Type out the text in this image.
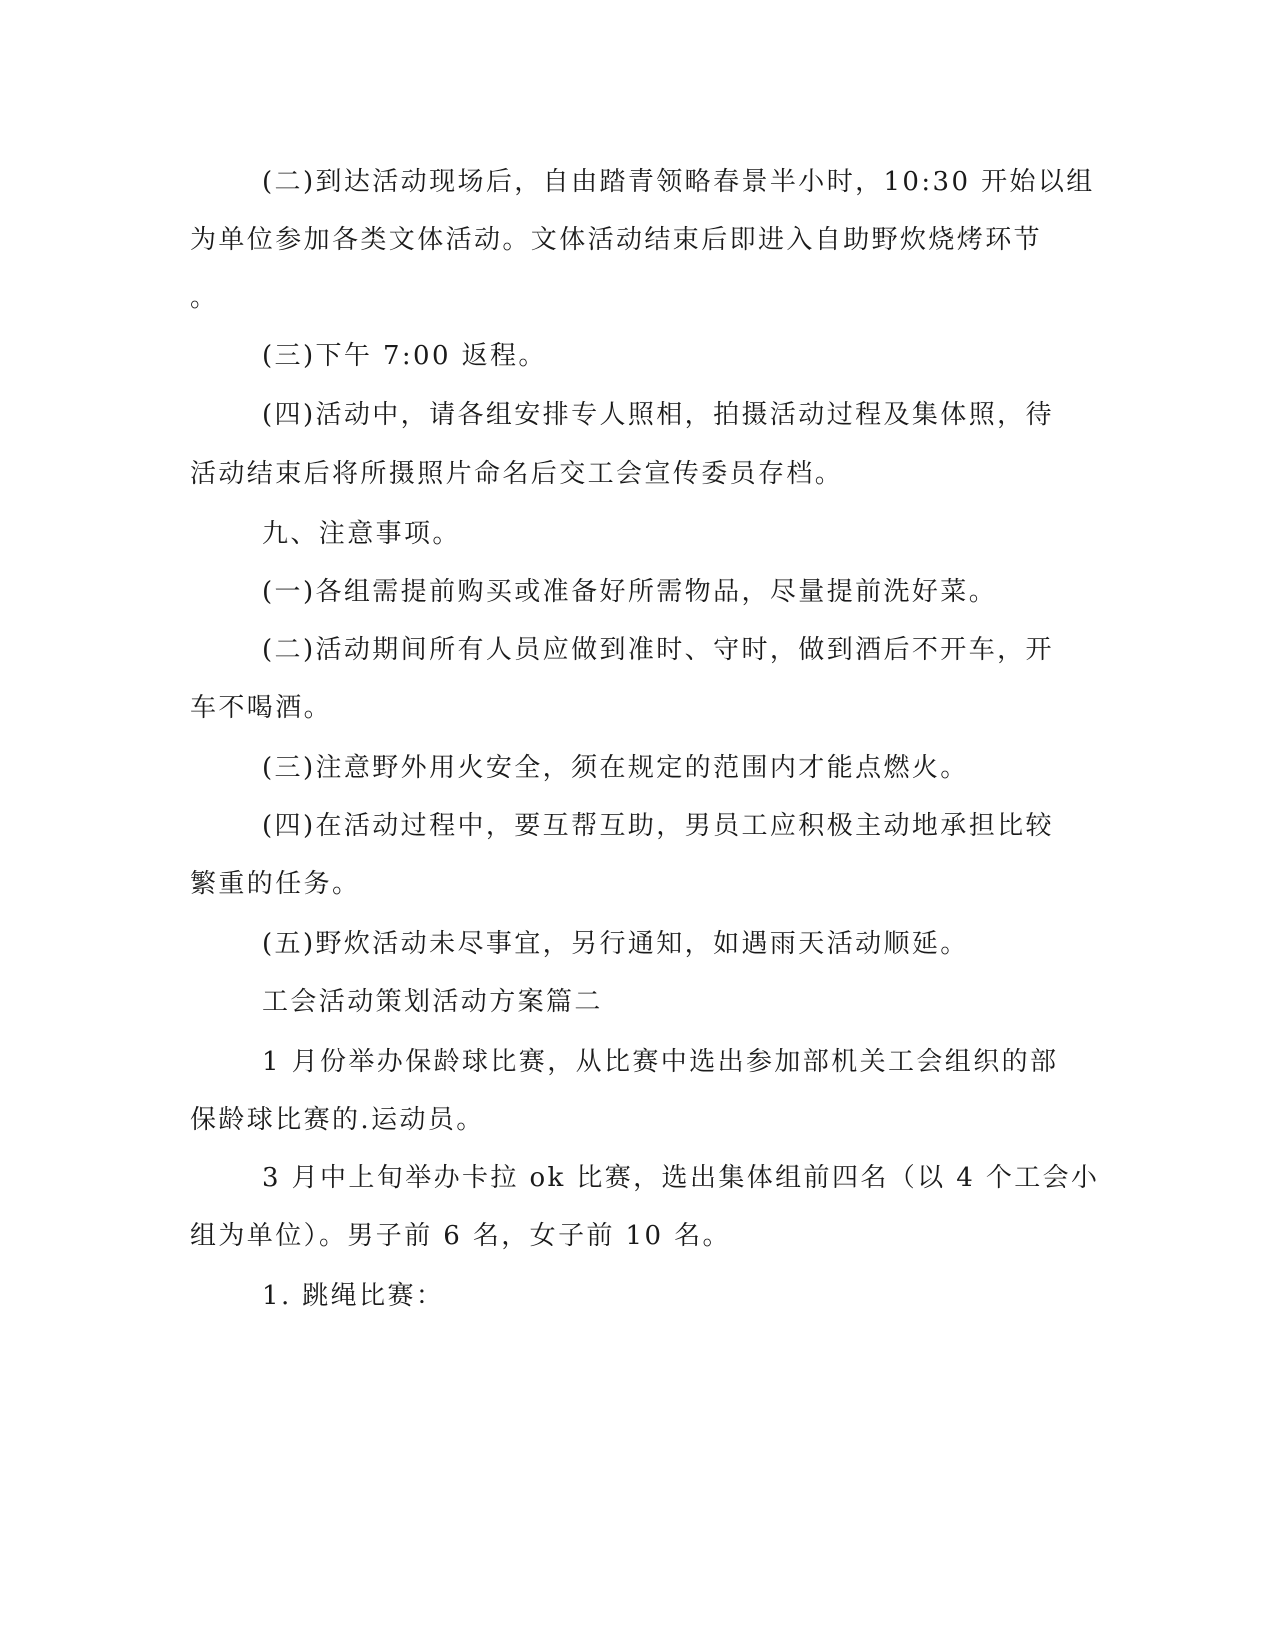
(二)到达活动现场后，自由踏青领略春景半小时，10:30 开始以组
为单位参加各类文体活动。文体活动结束后即进入自助野炊烧烤环节
。
(三)下午 7:00 返程。
(四)活动中，请各组安排专人照相，拍摄活动过程及集体照，待
活动结束后将所摄照片命名后交工会宣传委员存档。
九、注意事项。
(一)各组需提前购买或准备好所需物品，尽量提前洗好菜。
(二)活动期间所有人员应做到准时、守时，做到酒后不开车，开
车不喝酒。
(三)注意野外用火安全，须在规定的范围内才能点燃火。
(四)在活动过程中，要互帮互助，男员工应积极主动地承担比较
繁重的任务。
(五)野炊活动未尽事宜，另行通知，如遇雨天活动顺延。
工会活动策划活动方案篇二
1 月份举办保龄球比赛，从比赛中选出参加部机关工会组织的部
保龄球比赛的.运动员。
3 月中上旬举办卡拉 ok 比赛，选出集体组前四名（以 4 个工会小
组为单位）。男子前 6 名，女子前 10 名。
1. 跳绳比赛：
